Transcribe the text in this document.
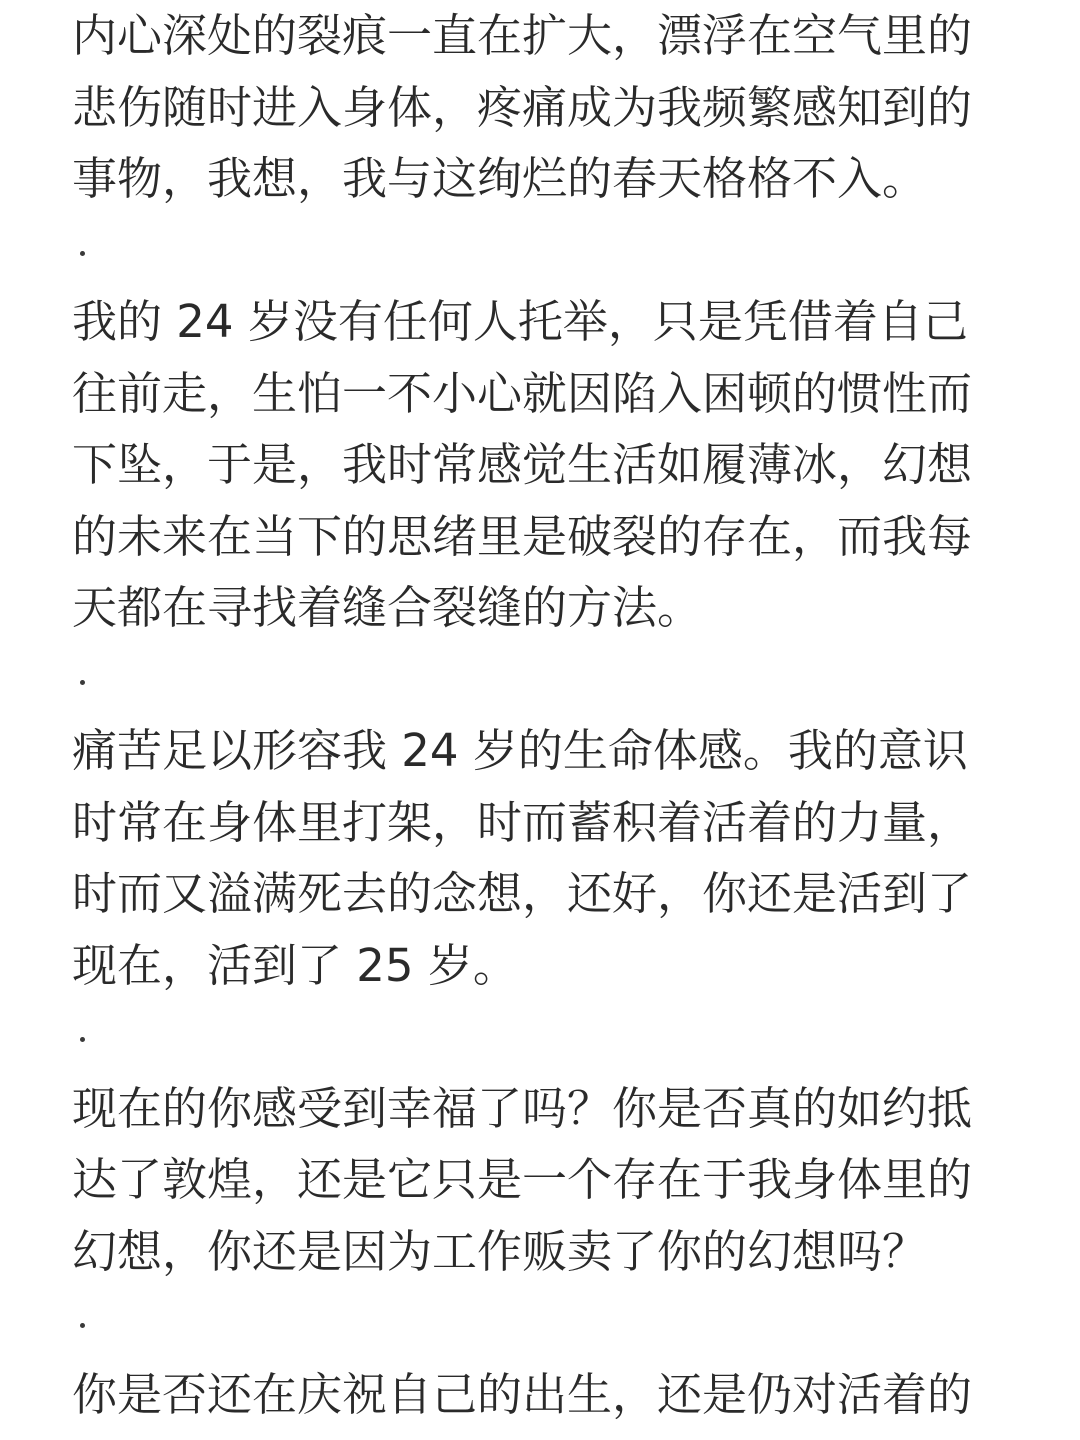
内心深处的裂痕一直在扩大，漂浮在空气里的
悲伤随时进入身体，疼痛成为我频繁感知到的
事物，我想，我与这绚烂的春天格格不入。
我的 24 岁没有任何人托举，只是凭借着自己
往前走，生怕一不小心就因陷入困顿的惯性而
下坠，于是，我时常感觉生活如履薄冰，幻想
的未来在当下的思绪里是破裂的存在，而我每
天都在寻找着缝合裂缝的方法。
痛苦足以形容我 24 岁的生命体感。我的意识
时常在身体里打架，时而蓄积着活着的力量，
时而又溢满死去的念想，还好，你还是活到了
现在，活到了 25 岁。
现在的你感受到幸福了吗？你是否真的如约抵
达了敦煌，还是它只是一个存在于我身体里的
幻想，你还是因为工作贩卖了你的幻想吗？
你是否还在庆祝自己的出生，还是仍对活着的
